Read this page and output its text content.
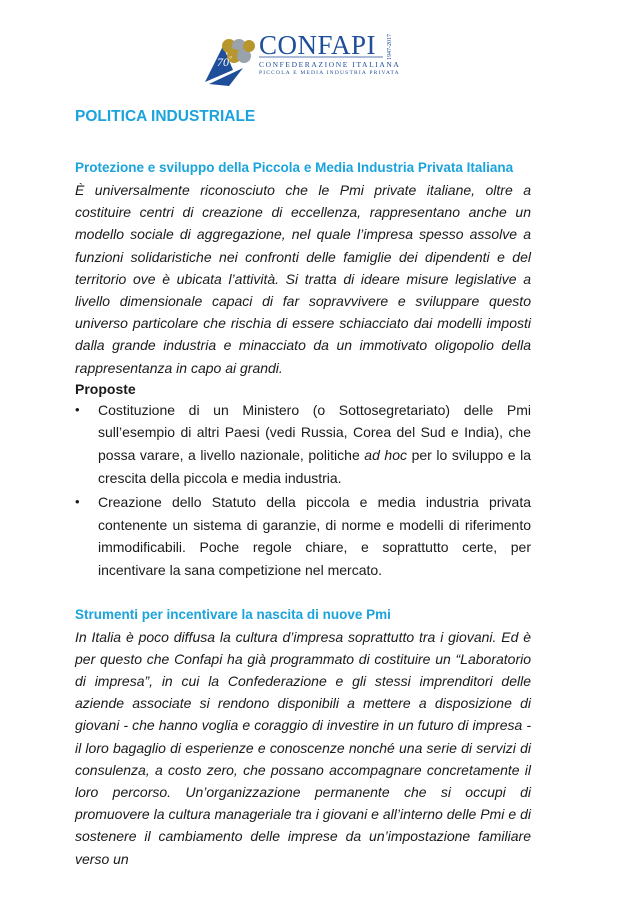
70° CONFAPI
CONFEDERAZIONE ITALIANA
PICCOLA E MEDIA INDUSTRIA PRIVATA
1947-2017
POLITICA INDUSTRIALE
Protezione e sviluppo della Piccola e Media Industria Privata Italiana

È universalmente riconosciuto che le Pmi private italiane, oltre a costituire centri di creazione di eccellenza, rappresentano anche un modello sociale di aggregazione, nel quale l’impresa spesso assolve a funzioni solidaristiche nei confronti delle famiglie dei dipendenti e del territorio ove è ubicata l’attività. Si tratta di ideare misure legislative a livello dimensionale capaci di far sopravvivere e sviluppare questo universo particolare che rischia di essere schiacciato dai modelli imposti dalla grande industria e minacciato da un immotivato oligopolio della rappresentanza in capo ai grandi.

Proposte

• Costituzione di un Ministero (o Sottosegretariato) delle Pmi sull’esempio di altri Paesi (vedi Russia, Corea del Sud e India), che possa varare, a livello nazionale, politiche ad hoc per lo sviluppo e la crescita della piccola e media industria.
• Creazione dello Statuto della piccola e media industria privata contenente un sistema di garanzie, di norme e modelli di riferimento immodificabili. Poche regole chiare, e soprattutto certe, per incentivare la sana competizione nel mercato.
Strumenti per incentivare la nascita di nuove Pmi

In Italia è poco diffusa la cultura d’impresa soprattutto tra i giovani. Ed è per questo che Confapi ha già programmato di costituire un “Laboratorio di impresa”, in cui la Confederazione e gli stessi imprenditori delle aziende associate si rendono disponibili a mettere a disposizione di giovani - che hanno voglia e coraggio di investire in un futuro di impresa - il loro bagaglio di esperienze e conoscenze nonché una serie di servizi di consulenza, a costo zero, che possano accompagnare concretamente il loro percorso. Un’organizzazione permanente che si occupi di promuovere la cultura manageriale tra i giovani e all’interno delle Pmi e di sostenere il cambiamento delle imprese da un’impostazione familiare verso un
